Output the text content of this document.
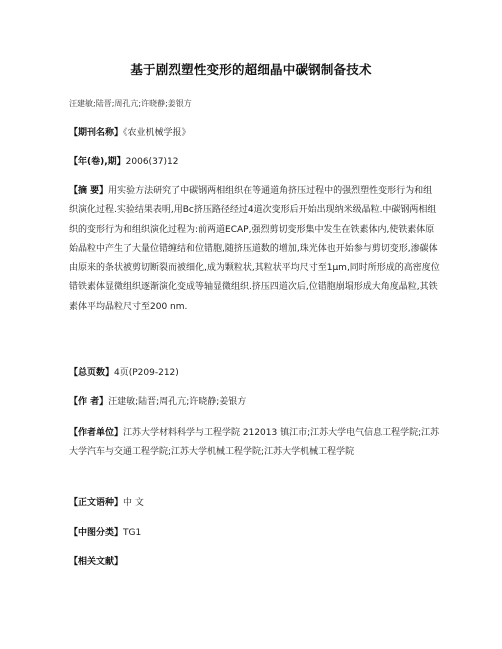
基于剧烈塑性变形的超细晶中碳钢制备技术
汪建敏;陆晋;周孔亢;许晓静;姜银方
【期刊名称】《农业机械学报》
【年(卷),期】2006(37)12
【摘 要】用实验方法研究了中碳钢两相组织在等通道角挤压过程中的强烈塑性变形行为和组织演化过程.实验结果表明,用Bc挤压路径经过4道次变形后开始出现纳米级晶粒.中碳钢两相组织的变形行为和组织演化过程为:前两道ECAP,强烈剪切变形集中发生在铁素体内,使铁素体原始晶粒中产生了大量位错缠结和位错胞,随挤压道数的增加,珠光体也开始参与剪切变形,渗碳体由原来的条状被剪切断裂而被细化,成为颗粒状,其粒状平均尺寸至1μm,同时所形成的高密度位错铁素体显微组织逐渐演化变成等轴显微组织.挤压四道次后,位错胞崩塌形成大角度晶粒,其铁素体平均晶粒尺寸至200 nm.
【总页数】4页(P209-212)
【作 者】汪建敏;陆晋;周孔亢;许晓静;姜银方
【作者单位】江苏大学材料科学与工程学院 212013 镇江市;江苏大学电气信息工程学院;江苏大学汽车与交通工程学院;江苏大学机械工程学院;江苏大学机械工程学院
【正文语种】中 文
【中图分类】TG1
【相关文献】
